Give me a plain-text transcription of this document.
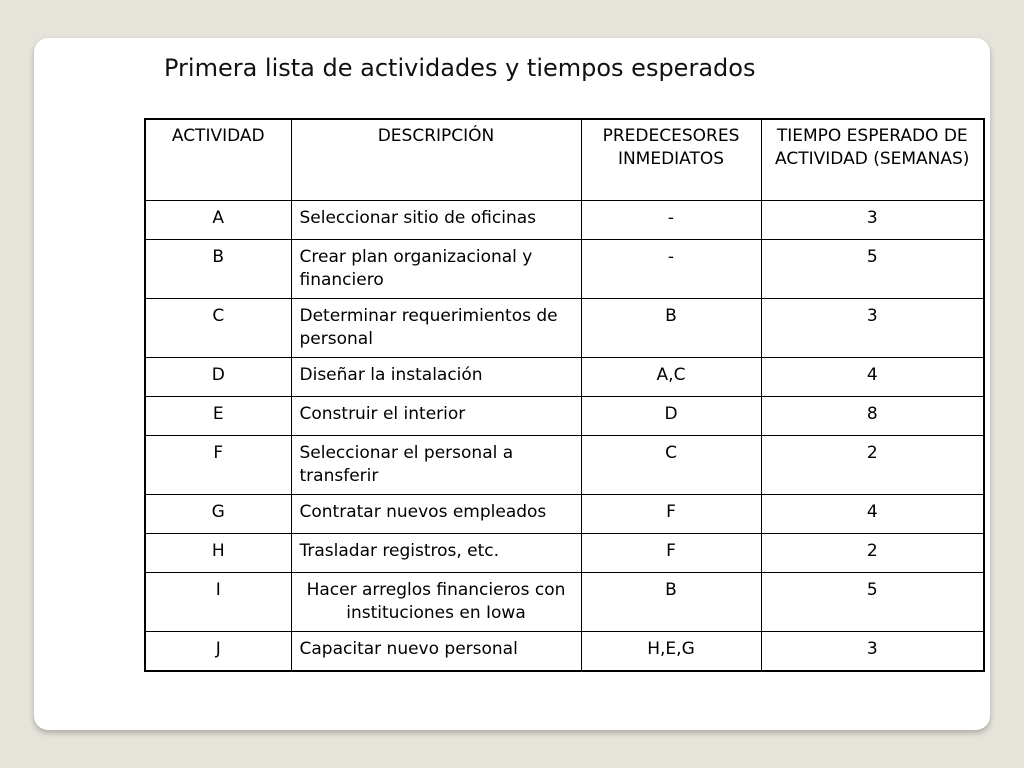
Primera lista de actividades y tiempos esperados
ACTIVIDAD	DESCRIPCIÓN	PREDECESORES INMEDIATOS	TIEMPO ESPERADO DE ACTIVIDAD (SEMANAS)
A	Seleccionar sitio de oficinas	-	3
B	Crear plan organizacional y financiero	-	5
C	Determinar requerimientos de personal	B	3
D	Diseñar la instalación	A,C	4
E	Construir el interior	D	8
F	Seleccionar el personal a transferir	C	2
G	Contratar nuevos empleados	F	4
H	Trasladar registros, etc.	F	2
I	Hacer arreglos financieros con instituciones en Iowa	B	5
J	Capacitar nuevo personal	H,E,G	3
